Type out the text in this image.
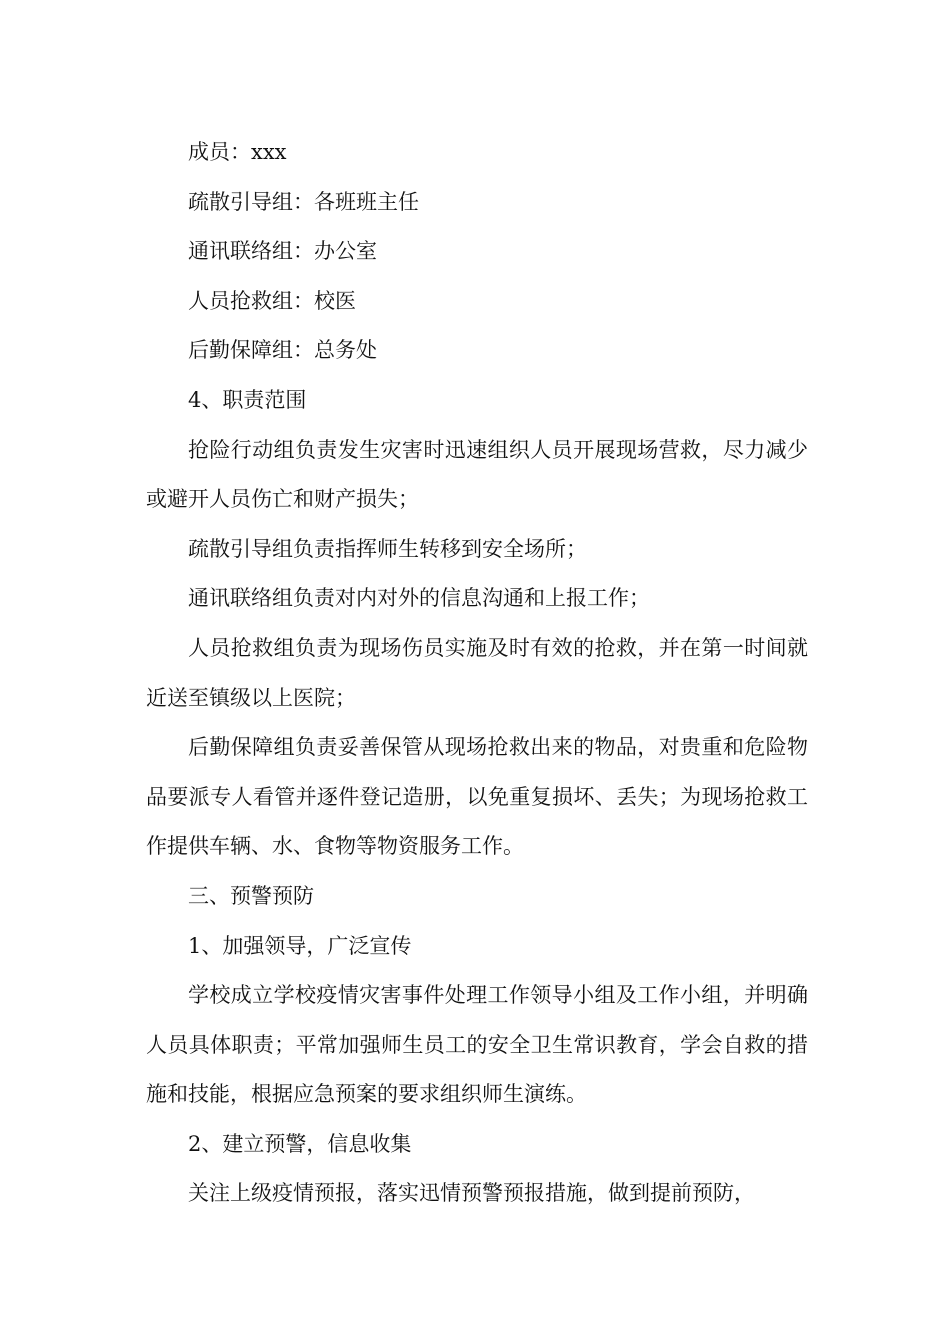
成员：xxx

疏散引导组：各班班主任

通讯联络组：办公室

人员抢救组：校医

后勤保障组：总务处

4、职责范围

抢险行动组负责发生灾害时迅速组织人员开展现场营救，尽力减少或避开人员伤亡和财产损失；

疏散引导组负责指挥师生转移到安全场所；

通讯联络组负责对内对外的信息沟通和上报工作；

人员抢救组负责为现场伤员实施及时有效的抢救，并在第一时间就近送至镇级以上医院；

后勤保障组负责妥善保管从现场抢救出来的物品，对贵重和危险物品要派专人看管并逐件登记造册，以免重复损坏、丢失；为现场抢救工作提供车辆、水、食物等物资服务工作。

三、预警预防

1、加强领导，广泛宣传

学校成立学校疫情灾害事件处理工作领导小组及工作小组，并明确人员具体职责；平常加强师生员工的安全卫生常识教育，学会自救的措施和技能，根据应急预案的要求组织师生演练。

2、建立预警，信息收集

关注上级疫情预报，落实迅情预警预报措施，做到提前预防，
